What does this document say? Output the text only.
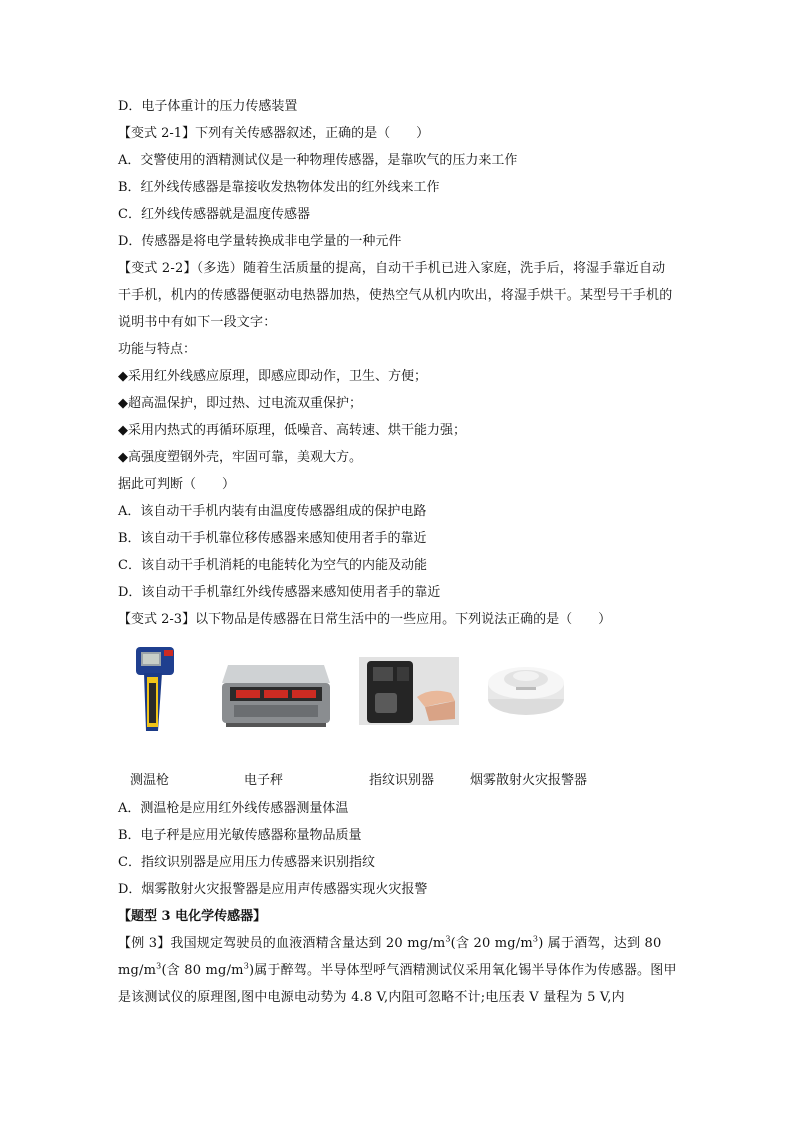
D．电子体重计的压力传感装置
【变式 2-1】下列有关传感器叙述，正确的是（　　）
A．交警使用的酒精测试仪是一种物理传感器，是靠吹气的压力来工作
B．红外线传感器是靠接收发热物体发出的红外线来工作
C．红外线传感器就是温度传感器
D．传感器是将电学量转换成非电学量的一种元件
【变式 2-2】（多选）随着生活质量的提高，自动干手机已进入家庭，洗手后，将湿手靠近自动干手机，机内的传感器便驱动电热器加热，使热空气从机内吹出，将湿手烘干。某型号干手机的说明书中有如下一段文字：
功能与特点：
◆采用红外线感应原理，即感应即动作，卫生、方便；
◆超高温保护，即过热、过电流双重保护；
◆采用内热式的再循环原理，低噪音、高转速、烘干能力强；
◆高强度塑钢外壳，牢固可靠，美观大方。
据此可判断（　　）
A．该自动干手机内装有由温度传感器组成的保护电路
B．该自动干手机靠位移传感器来感知使用者手的靠近
C．该自动干手机消耗的电能转化为空气的内能及动能
D．该自动干手机靠红外线传感器来感知使用者手的靠近
【变式 2-3】以下物品是传感器在日常生活中的一些应用。下列说法正确的是（　　）
测温枪	电子秤	指纹识别器	烟雾散射火灾报警器
A．测温枪是应用红外线传感器测量体温
B．电子秤是应用光敏传感器称量物品质量
C．指纹识别器是应用压力传感器来识别指纹
D．烟雾散射火灾报警器是应用声传感器实现火灾报警
【题型 3 电化学传感器】
【例 3】我国规定驾驶员的血液酒精含量达到 20 $mg/m^3$(含 20 $mg/m^3$) 属于酒驾，达到 80 $mg/m^3$(含 80 $mg/m^3$)属于醉驾。半导体型呼气酒精测试仪采用氧化锡半导体作为传感器。图甲是该测试仪的原理图,图中电源电动势为 4.8 V,内阻可忽略不计;电压表 V 量程为 5 V,内
